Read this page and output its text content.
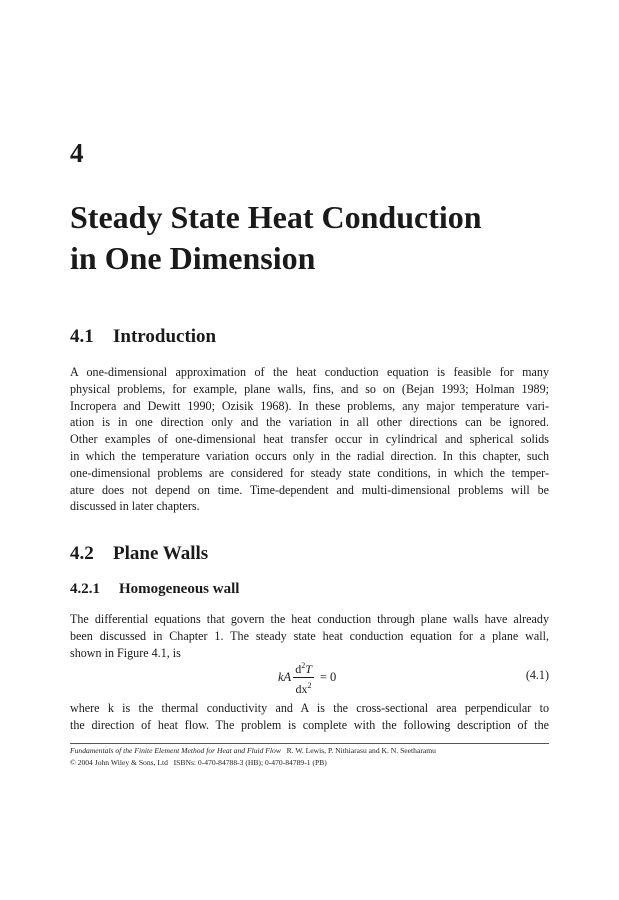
4
Steady State Heat Conduction
in One Dimension
4.1 Introduction
A one-dimensional approximation of the heat conduction equation is feasible for many
physical problems, for example, plane walls, fins, and so on (Bejan 1993; Holman 1989;
Incropera and Dewitt 1990; Ozisik 1968). In these problems, any major temperature vari-
ation is in one direction only and the variation in all other directions can be ignored.
Other examples of one-dimensional heat transfer occur in cylindrical and spherical solids
in which the temperature variation occurs only in the radial direction. In this chapter, such
one-dimensional problems are considered for steady state conditions, in which the temper-
ature does not depend on time. Time-dependent and multi-dimensional problems will be
discussed in later chapters.
4.2 Plane Walls
4.2.1 Homogeneous wall
The differential equations that govern the heat conduction through plane walls have already
been discussed in Chapter 1. The steady state heat conduction equation for a plane wall,
shown in Figure 4.1, is
kA $\frac{d^2T}{dx^2} = 0$	(4.1)
where k is the thermal conductivity and A is the cross-sectional area perpendicular to
the direction of heat flow. The problem is complete with the following description of the
Fundamentals of the Finite Element Method for Heat and Fluid Flow R. W. Lewis, P. Nithiarasu and K. N. Seetharamu
© 2004 John Wiley & Sons, Ltd ISBNs: 0-470-84788-3 (HB); 0-470-84789-1 (PB)
